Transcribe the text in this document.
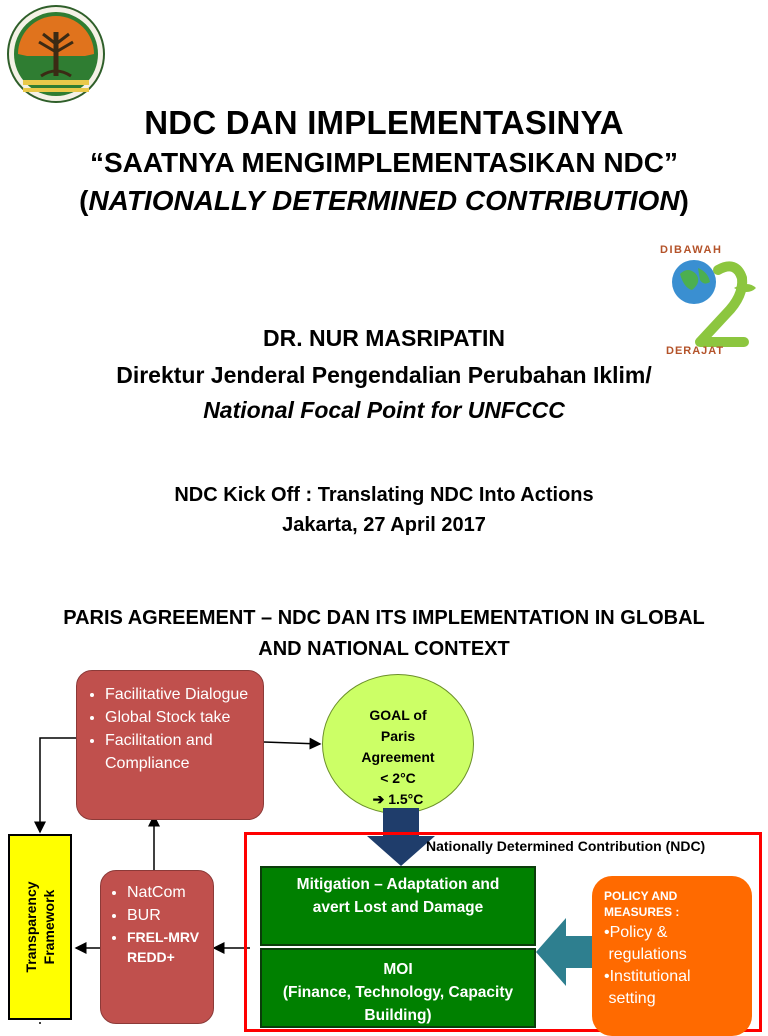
NDC DAN IMPLEMENTASINYA
“SAATNYA MENGIMPLEMENTASIKAN NDC”
(NATIONALLY DETERMINED CONTRIBUTION)
DIBAWAH
DERAJAT
DR. NUR MASRIPATIN
Direktur Jenderal Pengendalian Perubahan Iklim/
National Focal Point for UNFCCC
NDC Kick Off : Translating NDC Into Actions
Jakarta, 27 April 2017
PARIS AGREEMENT – NDC DAN ITS IMPLEMENTATION IN GLOBAL
AND NATIONAL CONTEXT
• Facilitative Dialogue
• Global Stock take
• Facilitation and Compliance
GOAL of
Paris
Agreement
< 2°C
➔ 1.5°C
Nationally Determined Contribution (NDC)
Transparency Framework
•	NatCom
• BUR
• FREL-MRV
REDD+
Mitigation – Adaptation and
avert Lost and Damage
MOI
(Finance, Technology, Capacity
Building)
POLICY AND
MEASURES :
•Policy &
regulations
•Institutional
setting
